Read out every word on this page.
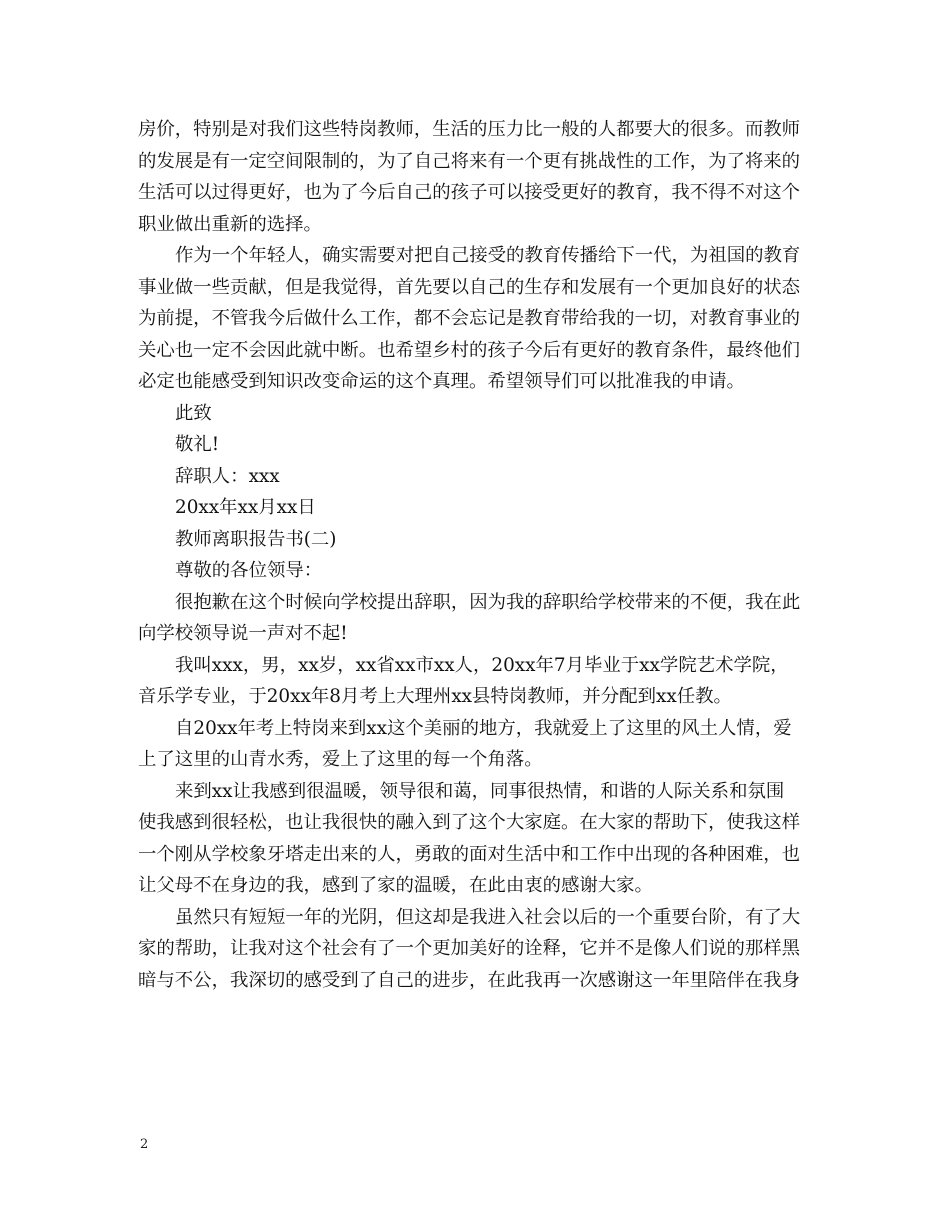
房价，特别是对我们这些特岗教师，生活的压力比一般的人都要大的很多。而教师
的发展是有一定空间限制的，为了自己将来有一个更有挑战性的工作，为了将来的
生活可以过得更好，也为了今后自己的孩子可以接受更好的教育，我不得不对这个
职业做出重新的选择。
作为一个年轻人，确实需要对把自己接受的教育传播给下一代，为祖国的教育
事业做一些贡献，但是我觉得，首先要以自己的生存和发展有一个更加良好的状态
为前提，不管我今后做什么工作，都不会忘记是教育带给我的一切，对教育事业的
关心也一定不会因此就中断。也希望乡村的孩子今后有更好的教育条件，最终他们
必定也能感受到知识改变命运的这个真理。希望领导们可以批准我的申请。
此致
敬礼!
辞职人：xxx
20xx年xx月xx日
教师离职报告书(二)
尊敬的各位领导：
很抱歉在这个时候向学校提出辞职，因为我的辞职给学校带来的不便，我在此
向学校领导说一声对不起!
我叫xxx，男，xx岁，xx省xx市xx人，20xx年7月毕业于xx学院艺术学院，
音乐学专业，于20xx年8月考上大理州xx县特岗教师，并分配到xx任教。
自20xx年考上特岗来到xx这个美丽的地方，我就爱上了这里的风土人情，爱
上了这里的山青水秀，爱上了这里的每一个角落。
来到xx让我感到很温暖，领导很和蔼，同事很热情，和谐的人际关系和氛围
使我感到很轻松，也让我很快的融入到了这个大家庭。在大家的帮助下，使我这样
一个刚从学校象牙塔走出来的人，勇敢的面对生活中和工作中出现的各种困难，也
让父母不在身边的我，感到了家的温暖，在此由衷的感谢大家。
虽然只有短短一年的光阴，但这却是我进入社会以后的一个重要台阶，有了大
家的帮助，让我对这个社会有了一个更加美好的诠释，它并不是像人们说的那样黑
暗与不公，我深切的感受到了自己的进步，在此我再一次感谢这一年里陪伴在我身
2
